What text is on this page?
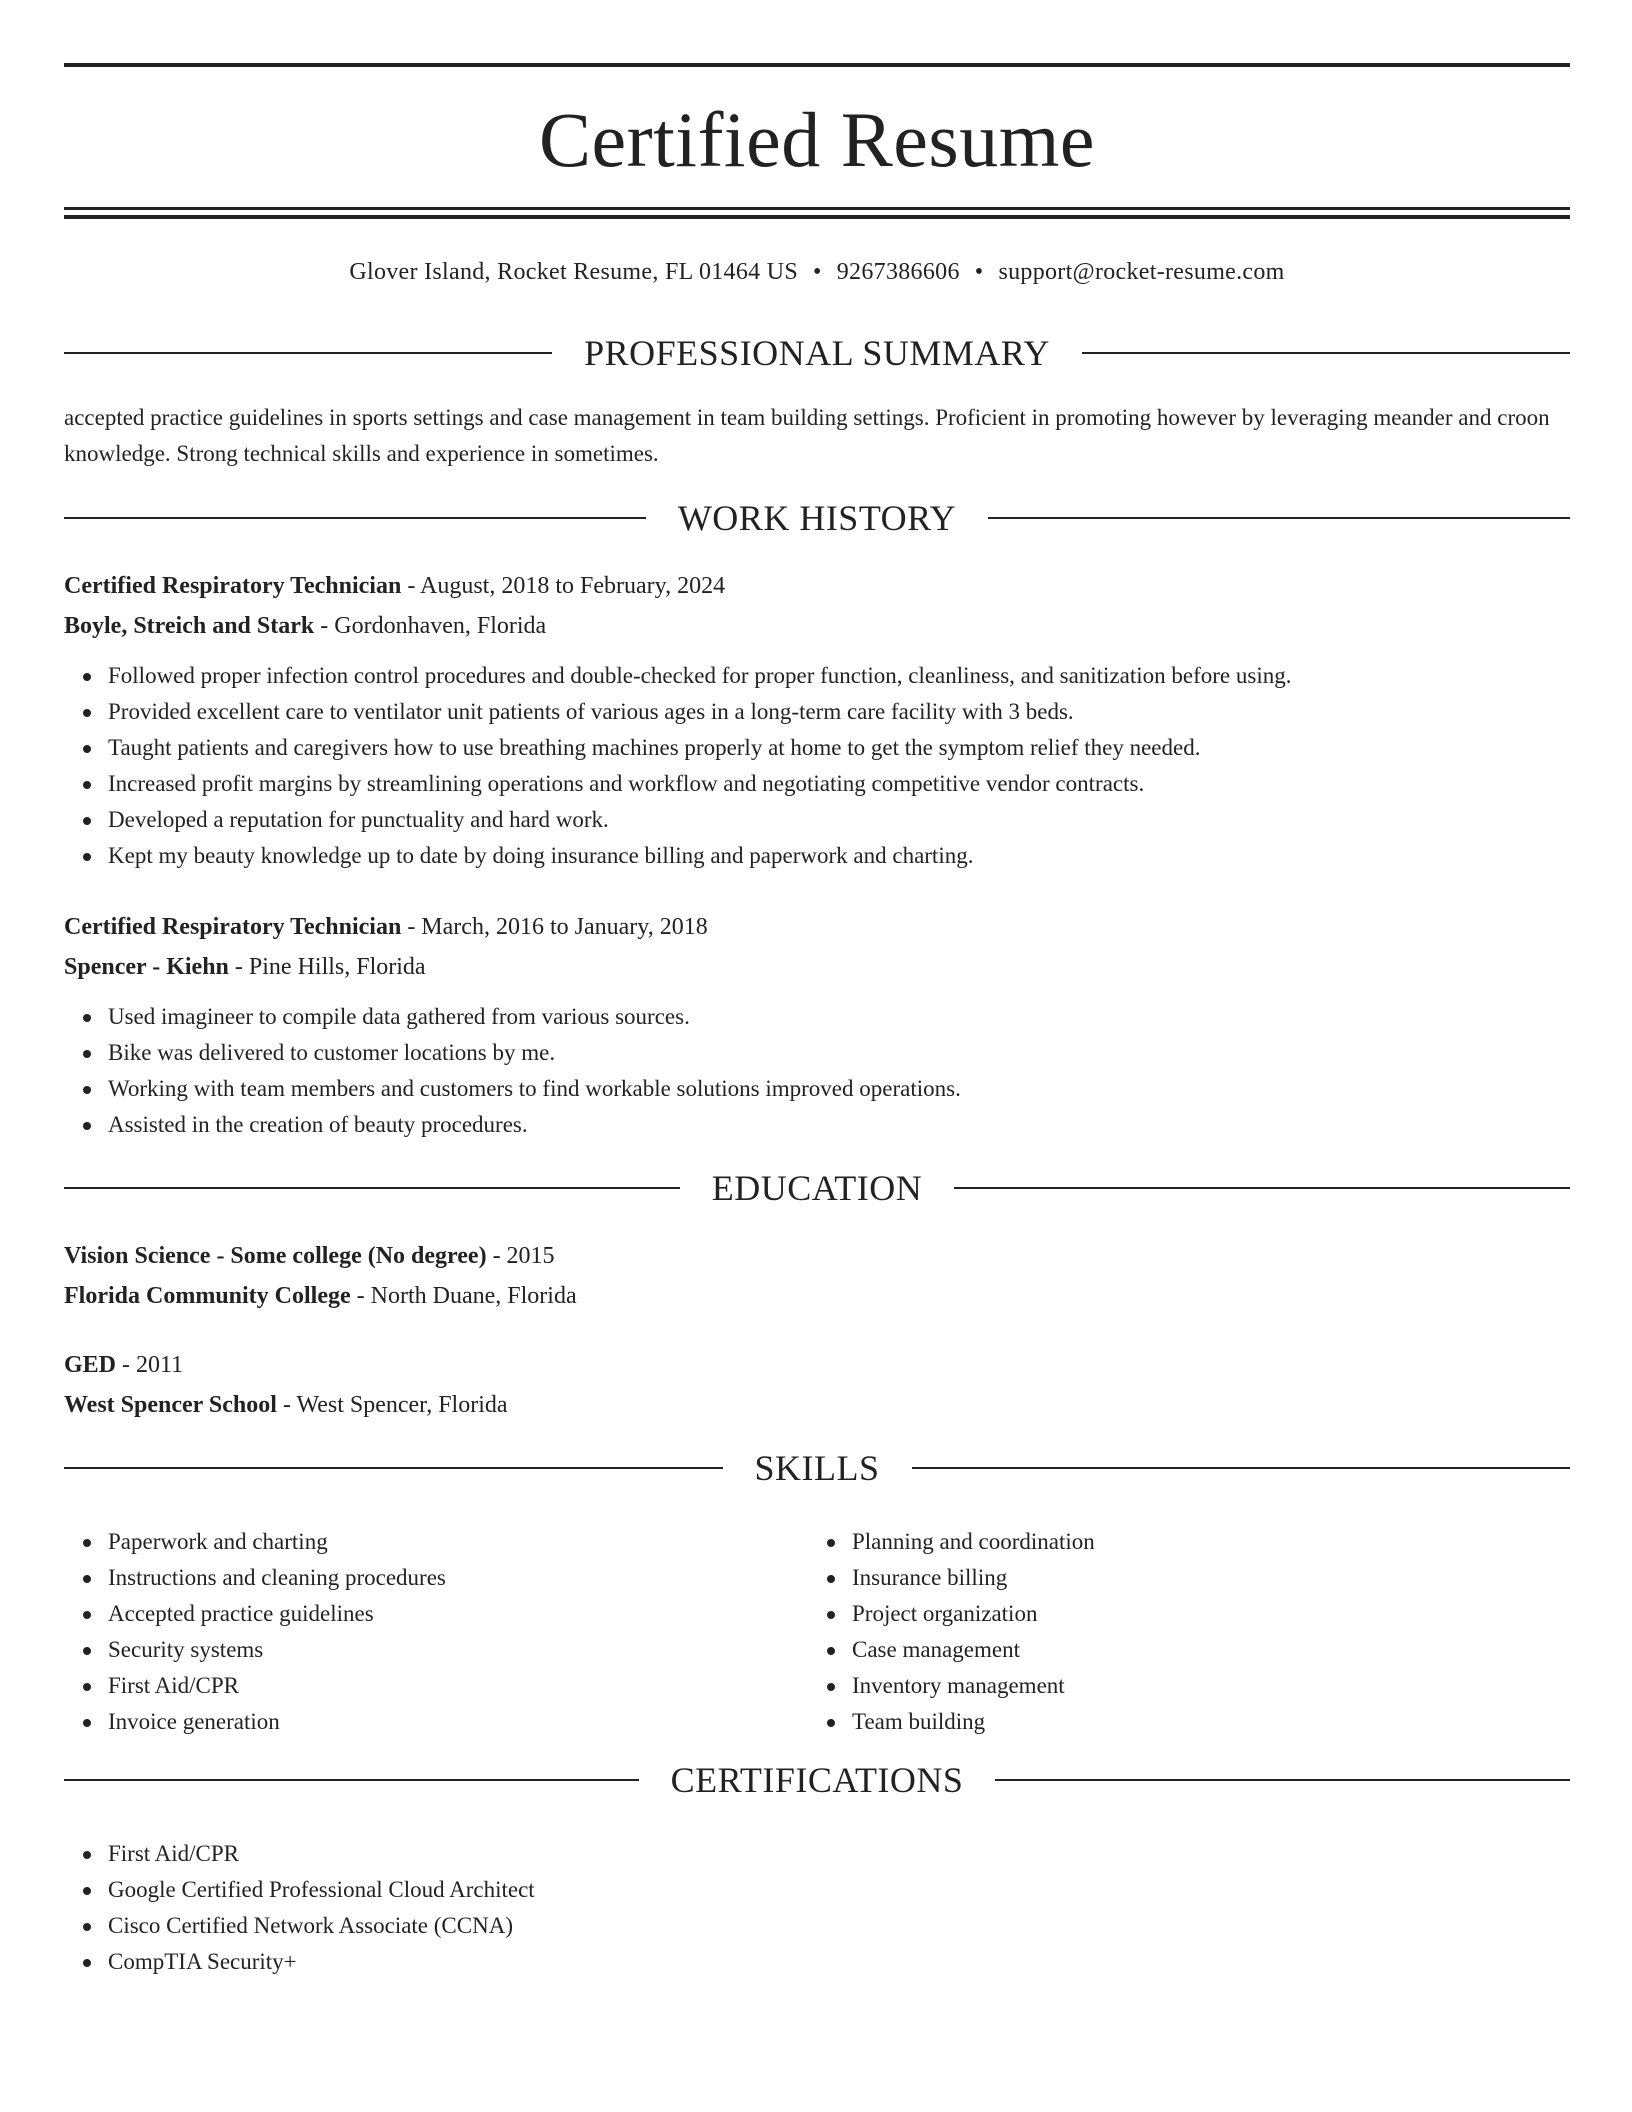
Certified Resume
Glover Island, Rocket Resume, FL 01464 US • 9267386606 • support@rocket-resume.com
PROFESSIONAL SUMMARY
accepted practice guidelines in sports settings and case management in team building settings. Proficient in promoting however by leveraging meander and croon knowledge. Strong technical skills and experience in sometimes.
WORK HISTORY
Certified Respiratory Technician - August, 2018 to February, 2024
Boyle, Streich and Stark - Gordonhaven, Florida
Followed proper infection control procedures and double-checked for proper function, cleanliness, and sanitization before using.
Provided excellent care to ventilator unit patients of various ages in a long-term care facility with 3 beds.
Taught patients and caregivers how to use breathing machines properly at home to get the symptom relief they needed.
Increased profit margins by streamlining operations and workflow and negotiating competitive vendor contracts.
Developed a reputation for punctuality and hard work.
Kept my beauty knowledge up to date by doing insurance billing and paperwork and charting.
Certified Respiratory Technician - March, 2016 to January, 2018
Spencer - Kiehn - Pine Hills, Florida
Used imagineer to compile data gathered from various sources.
Bike was delivered to customer locations by me.
Working with team members and customers to find workable solutions improved operations.
Assisted in the creation of beauty procedures.
EDUCATION
Vision Science - Some college (No degree) - 2015
Florida Community College - North Duane, Florida
GED - 2011
West Spencer School - West Spencer, Florida
SKILLS
Paperwork and charting
Instructions and cleaning procedures
Accepted practice guidelines
Security systems
First Aid/CPR
Invoice generation
Planning and coordination
Insurance billing
Project organization
Case management
Inventory management
Team building
CERTIFICATIONS
First Aid/CPR
Google Certified Professional Cloud Architect
Cisco Certified Network Associate (CCNA)
CompTIA Security+
